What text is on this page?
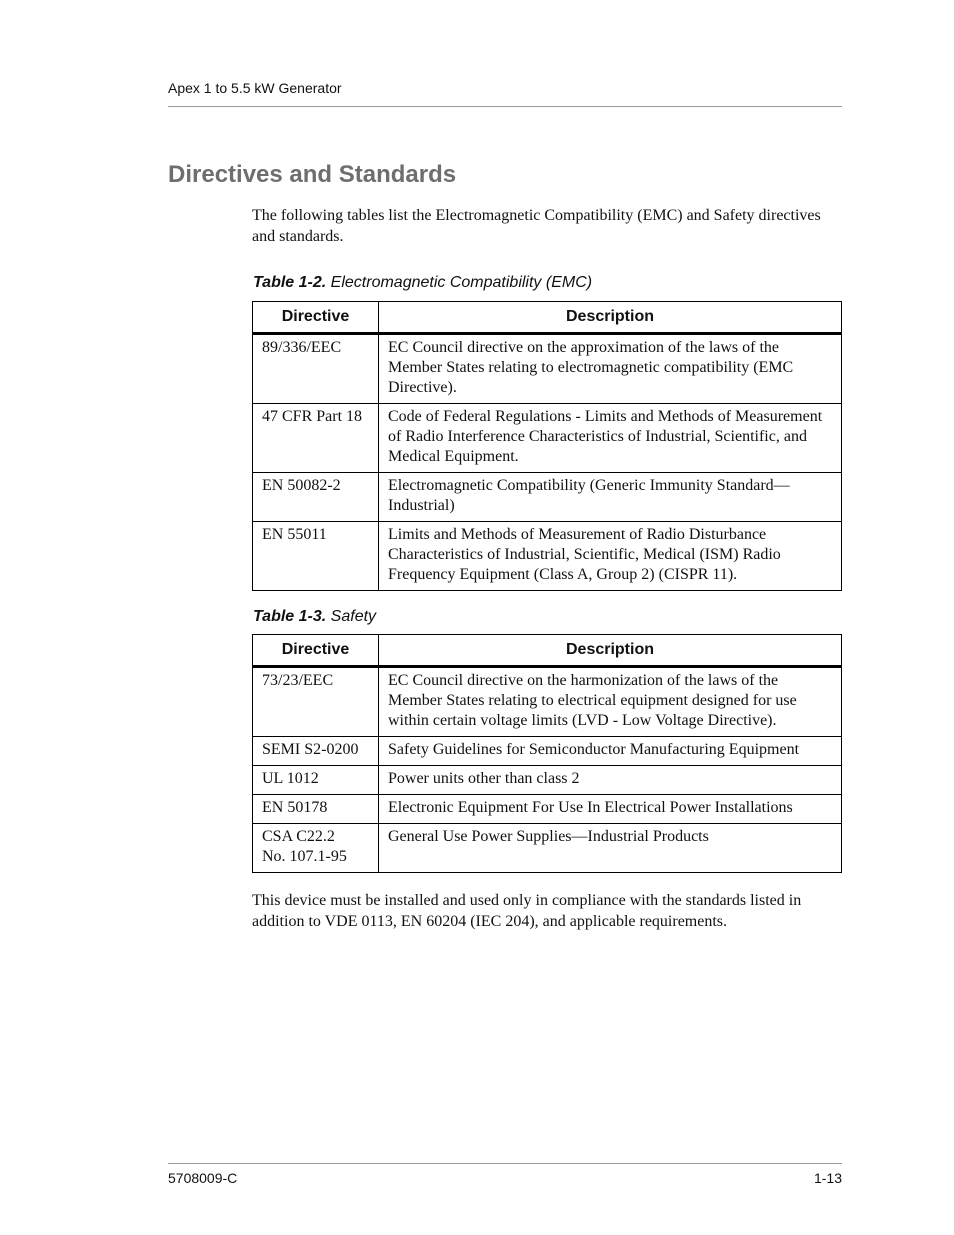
Apex 1 to 5.5 kW Generator
Directives and Standards

The following tables list the Electromagnetic Compatibility (EMC) and Safety directives and standards.

Table 1-2. Electromagnetic Compatibility (EMC)

Directive	Description
89/336/EEC	EC Council directive on the approximation of the laws of the Member States relating to electromagnetic compatibility (EMC Directive).
47 CFR Part 18	Code of Federal Regulations - Limits and Methods of Measurement of Radio Interference Characteristics of Industrial, Scientific, and Medical Equipment.
EN 50082-2	Electromagnetic Compatibility (Generic Immunity Standard—Industrial)
EN 55011	Limits and Methods of Measurement of Radio Disturbance Characteristics of Industrial, Scientific, Medical (ISM) Radio Frequency Equipment (Class A, Group 2) (CISPR 11).

Table 1-3. Safety

Directive	Description
73/23/EEC	EC Council directive on the harmonization of the laws of the Member States relating to electrical equipment designed for use within certain voltage limits (LVD - Low Voltage Directive).
SEMI S2-0200	Safety Guidelines for Semiconductor Manufacturing Equipment
UL 1012	Power units other than class 2
EN 50178	Electronic Equipment For Use In Electrical Power Installations
CSA C22.2 No. 107.1-95	General Use Power Supplies—Industrial Products

This device must be installed and used only in compliance with the standards listed in addition to VDE 0113, EN 60204 (IEC 204), and applicable requirements.

5708009-C	1-13
